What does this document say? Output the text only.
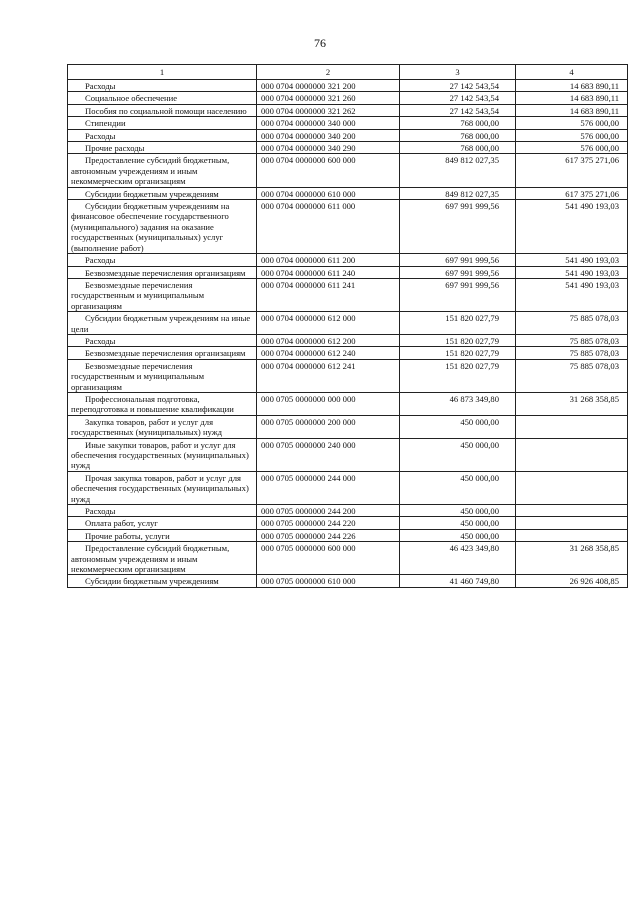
76
1	2	3	4
Расходы	000 0704 0000000 321 200	27 142 543,54	14 683 890,11
Социальное обеспечение	000 0704 0000000 321 260	27 142 543,54	14 683 890,11
Пособия по социальной помощи населению	000 0704 0000000 321 262	27 142 543,54	14 683 890,11
Стипендии	000 0704 0000000 340 000	768 000,00	576 000,00
Расходы	000 0704 0000000 340 200	768 000,00	576 000,00
Прочие расходы	000 0704 0000000 340 290	768 000,00	576 000,00
Предоставление субсидий бюджетным, автономным учреждениям и иным некоммерческим организациям	000 0704 0000000 600 000	849 812 027,35	617 375 271,06
Субсидии бюджетным учреждениям	000 0704 0000000 610 000	849 812 027,35	617 375 271,06
Субсидии бюджетным учреждениям на финансовое обеспечение государственного (муниципального) задания на оказание государственных (муниципальных) услуг (выполнение работ)	000 0704 0000000 611 000	697 991 999,56	541 490 193,03
Расходы	000 0704 0000000 611 200	697 991 999,56	541 490 193,03
Безвозмездные перечисления организациям	000 0704 0000000 611 240	697 991 999,56	541 490 193,03
Безвозмездные перечисления государственным и муниципальным организациям	000 0704 0000000 611 241	697 991 999,56	541 490 193,03
Субсидии бюджетным учреждениям на иные цели	000 0704 0000000 612 000	151 820 027,79	75 885 078,03
Расходы	000 0704 0000000 612 200	151 820 027,79	75 885 078,03
Безвозмездные перечисления организациям	000 0704 0000000 612 240	151 820 027,79	75 885 078,03
Безвозмездные перечисления государственным и муниципальным организациям	000 0704 0000000 612 241	151 820 027,79	75 885 078,03
Профессиональная подготовка, переподготовка и повышение квалификации	000 0705 0000000 000 000	46 873 349,80	31 268 358,85
Закупка товаров, работ и услуг для государственных (муниципальных) нужд	000 0705 0000000 200 000	450 000,00	
Иные закупки товаров, работ и услуг для обеспечения государственных (муниципальных) нужд	000 0705 0000000 240 000	450 000,00	
Прочая закупка товаров, работ и услуг для обеспечения государственных (муниципальных) нужд	000 0705 0000000 244 000	450 000,00	
Расходы	000 0705 0000000 244 200	450 000,00	
Оплата работ, услуг	000 0705 0000000 244 220	450 000,00	
Прочие работы, услуги	000 0705 0000000 244 226	450 000,00	
Предоставление субсидий бюджетным, автономным учреждениям и иным некоммерческим организациям	000 0705 0000000 600 000	46 423 349,80	31 268 358,85
Субсидии бюджетным учреждениям	000 0705 0000000 610 000	41 460 749,80	26 926 408,85
